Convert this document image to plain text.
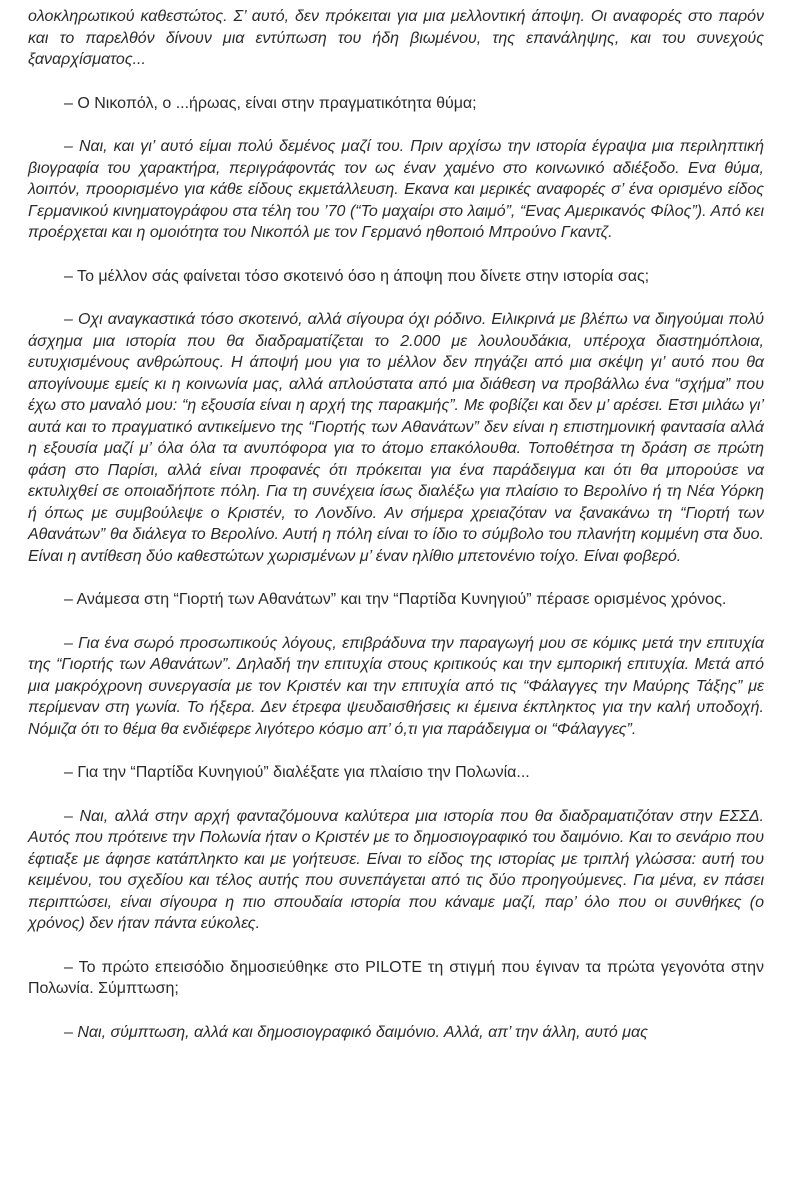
ολοκληρωτικού καθεστώτος. Σ’ αυτό, δεν πρόκειται για μια μελλοντική άποψη. Οι αναφορές στο παρόν και το παρελθόν δίνουν μια εντύπωση του ήδη βιωμένου, της επανάληψης, και του συνεχούς ξαναρχίσματος...

– Ο Νικοπόλ, ο ...ήρωας, είναι στην πραγματικότητα θύμα;

– Ναι, και γι’ αυτό είμαι πολύ δεμένος μαζί του. Πριν αρχίσω την ιστορία έγραψα μια περιληπτική βιογραφία του χαρακτήρα, περιγράφοντάς τον ως έναν χαμένο στο κοινωνικό αδιέξοδο. Ενα θύμα, λοιπόν, προορισμένο για κάθε είδους εκμετάλλευση. Εκανα και μερικές αναφορές σ’ ένα ορισμένο είδος Γερμανικού κινηματογράφου στα τέλη του ’70 (“Το μαχαίρι στο λαιμό”, “Ενας Αμερικανός Φίλος”). Από κει προέρχεται και η ομοιότητα του Νικοπόλ με τον Γερμανό ηθοποιό Μπρούνο Γκαντζ.

– Το μέλλον σάς φαίνεται τόσο σκοτεινό όσο η άποψη που δίνετε στην ιστορία σας;

– Οχι αναγκαστικά τόσο σκοτεινό, αλλά σίγουρα όχι ρόδινο. Ειλικρινά με βλέπω να διηγούμαι πολύ άσχημα μια ιστορία που θα διαδραματίζεται το 2.000 με λουλουδάκια, υπέροχα διαστημόπλοια, ευτυχισμένους ανθρώπους. Η άποψή μου για το μέλλον δεν πηγάζει από μια σκέψη γι’ αυτό που θα απογίνουμε εμείς κι η κοινωνία μας, αλλά απλούστατα από μια διάθεση να προβάλλω ένα “σχήμα” που έχω στο μαναλό μου: “η εξουσία είναι η αρχή της παρακμής”. Με φοβίζει και δεν μ’ αρέσει. Ετσι μιλάω γι’ αυτά και το πραγματικό αντικείμενο της “Γιορτής των Αθανάτων” δεν είναι η επιστημονική φαντασία αλλά η εξουσία μαζί μ’ όλα όλα τα ανυπόφορα για το άτομο επακόλουθα. Τοποθέτησα τη δράση σε πρώτη φάση στο Παρίσι, αλλά είναι προφανές ότι πρόκειται για ένα παράδειγμα και ότι θα μπορούσε να εκτυλιχθεί σε οποιαδήποτε πόλη. Για τη συνέχεια ίσως διαλέξω για πλαίσιο το Βερολίνο ή τη Νέα Υόρκη ή όπως με συμβούλεψε ο Κριστέν, το Λονδίνο. Αν σήμερα χρειαζόταν να ξανακάνω τη “Γιορτή των Αθανάτων” θα διάλεγα το Βερολίνο. Αυτή η πόλη είναι το ίδιο το σύμβολο του πλανήτη κομμένη στα δυο. Είναι η αντίθεση δύο καθεστώτων χωρισμένων μ’ έναν ηλίθιο μπετονένιο τοίχο. Είναι φοβερό.

– Ανάμεσα στη “Γιορτή των Αθανάτων” και την “Παρτίδα Κυνηγιού” πέρασε ορισμένος χρόνος.

– Για ένα σωρό προσωπικούς λόγους, επιβράδυνα την παραγωγή μου σε κόμικς μετά την επιτυχία της “Γιορτής των Αθανάτων”. Δηλαδή την επιτυχία στους κριτικούς και την εμπορική επιτυχία. Μετά από μια μακρόχρονη συνεργασία με τον Κριστέν και την επιτυχία από τις “Φάλαγγες την Μαύρης Τάξης” με περίμεναν στη γωνία. Το ήξερα. Δεν έτρεφα ψευδαισθήσεις κι έμεινα έκπληκτος για την καλή υποδοχή. Νόμιζα ότι το θέμα θα ενδιέφερε λιγότερο κόσμο απ’ ό,τι για παράδειγμα οι “Φάλαγγες”.

– Για την “Παρτίδα Κυνηγιού” διαλέξατε για πλαίσιο την Πολωνία...

– Ναι, αλλά στην αρχή φανταζόμουνα καλύτερα μια ιστορία που θα διαδραματιζόταν στην ΕΣΣΔ. Αυτός που πρότεινε την Πολωνία ήταν ο Κριστέν με το δημοσιογραφικό του δαιμόνιο. Και το σενάριο που έφτιαξε με άφησε κατάπληκτο και με γοήτευσε. Είναι το είδος της ιστορίας με τριπλή γλώσσα: αυτή του κειμένου, του σχεδίου και τέλος αυτής που συνεπάγεται από τις δύο προηγούμενες. Για μένα, εν πάσει περιπτώσει, είναι σίγουρα η πιο σπουδαία ιστορία που κάναμε μαζί, παρ’ όλο που οι συνθήκες (ο χρόνος) δεν ήταν πάντα εύκολες.

– Το πρώτο επεισόδιο δημοσιεύθηκε στο PILOTE τη στιγμή που έγιναν τα πρώτα γεγονότα στην Πολωνία. Σύμπτωση;

– Ναι, σύμπτωση, αλλά και δημοσιογραφικό δαιμόνιο. Αλλά, απ’ την άλλη, αυτό μας
